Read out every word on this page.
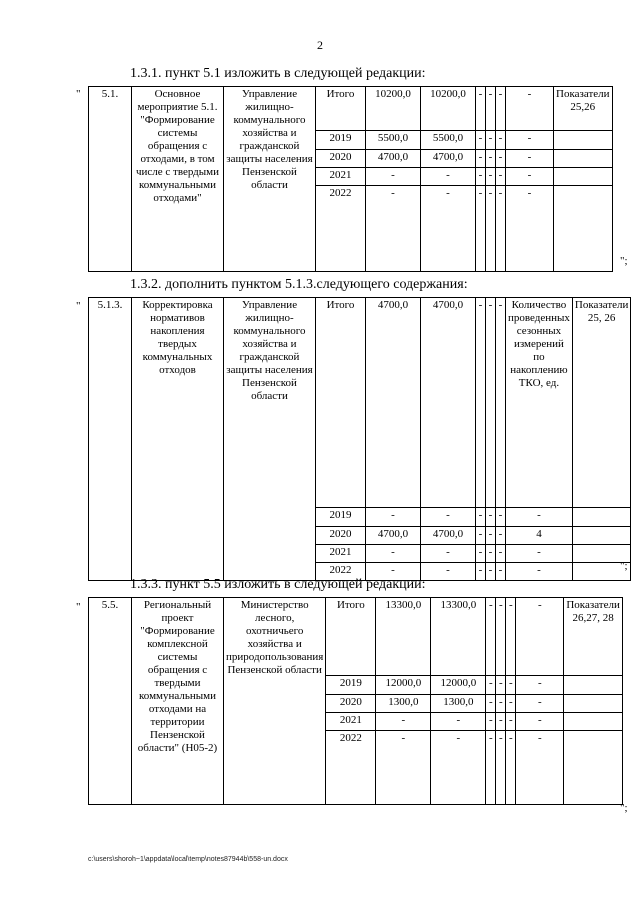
2
c:\users\shoroh~1\appdata\local\temp\notes87944b\558-un.docx
1.3.1. пункт 5.1 изложить в следующей редакции:
"
";
5.1.	Основное мероприятие 5.1. "Формирование системы обращения с отходами, в том числе с твердыми коммунальными отходами"	Управление жилищно-коммунального хозяйства и гражданской защиты населения Пензенской области	Итого	10200,0	10200,0	-	-	-	-	Показатели 25,26
			2019	5500,0	5500,0	-	-	-	-	
			2020	4700,0	4700,0	-	-	-	-	
			2021	-	-	-	-	-	-	
			2022	-	-	-	-	-	-	
1.3.2. дополнить пунктом 5.1.3.следующего содержания:
"
";
5.1.3.	Корректировка нормативов накопления твердых коммунальных отходов	Управление жилищно-коммунального хозяйства и гражданской защиты населения Пензенской области	Итого	4700,0	4700,0	-	-	-	Количество проведенных сезонных измерений по накоплению ТКО, ед.	Показатели 25, 26
			2019	-	-	-	-	-	-	
			2020	4700,0	4700,0	-	-	-	4	
			2021	-	-	-	-	-	-	
			2022	-	-	-	-	-	-	
1.3.3. пункт 5.5 изложить в следующей редакции:
"
";
5.5.	Региональный проект "Формирование комплексной системы обращения с твердыми коммунальными отходами на территории Пензенской области" (Н05-2)	Министерство лесного, охотничьего хозяйства и природопользования Пензенской области	Итого	13300,0	13300,0	-	-	-	-	Показатели 26,27, 28
			2019	12000,0	12000,0	-	-	-	-	
			2020	1300,0	1300,0	-	-	-	-	
			2021	-	-	-	-	-	-	
			2022	-	-	-	-	-	-	
